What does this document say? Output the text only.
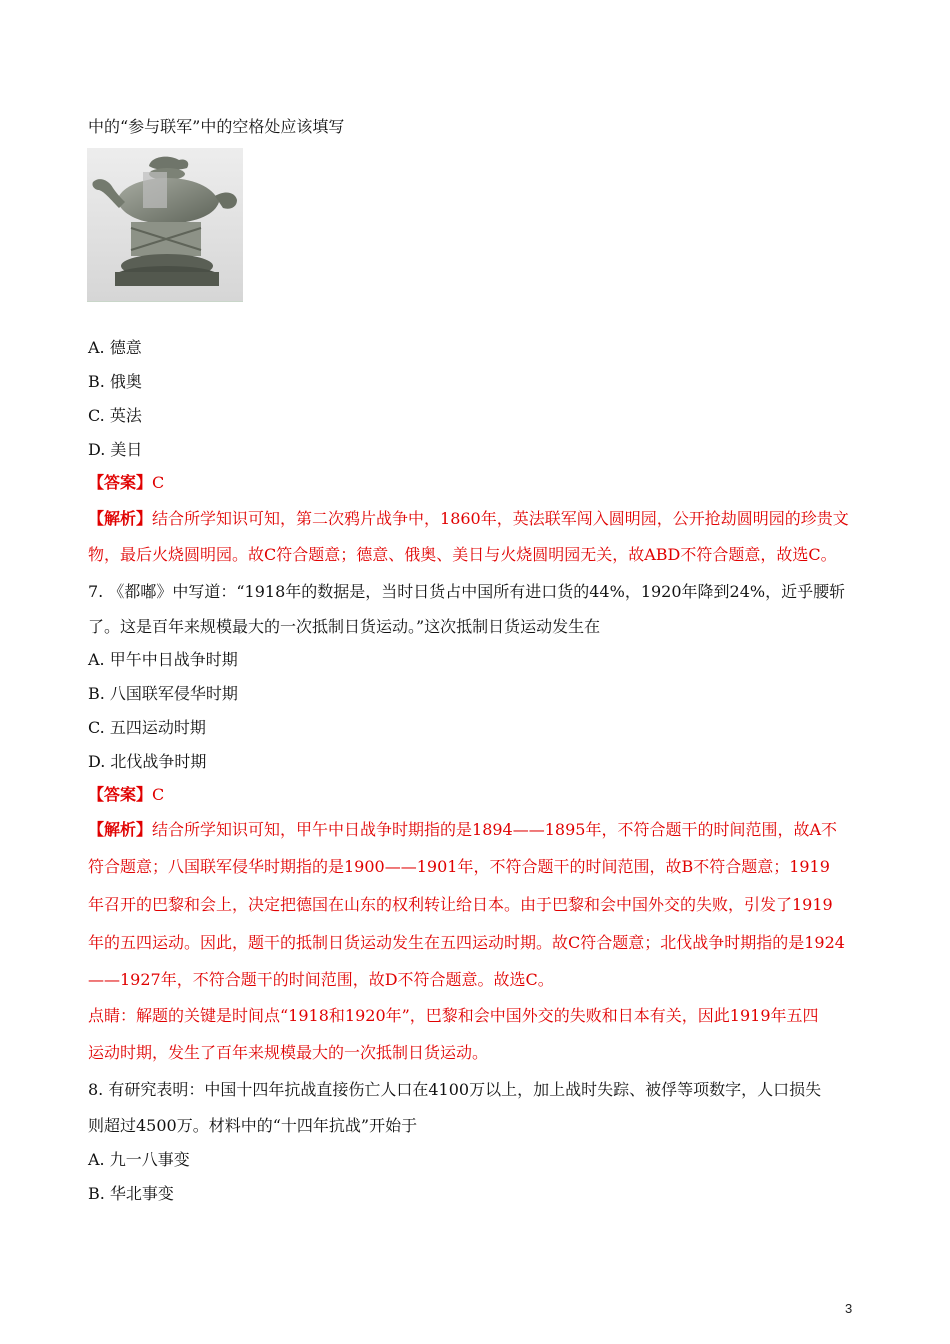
中的“参与联军”中的空格处应该填写
A. 德意
B. 俄奥
C. 英法
D. 美日
【答案】C
【解析】结合所学知识可知，第二次鸦片战争中，1860年，英法联军闯入圆明园，公开抢劫圆明园的珍贵文
物，最后火烧圆明园。故C符合题意；德意、俄奥、美日与火烧圆明园无关，故ABD不符合题意，故选C。
7. 《都嘟》中写道：“1918年的数据是，当时日货占中国所有进口货的44%，1920年降到24%，近乎腰斩
了。这是百年来规模最大的一次抵制日货运动。”这次抵制日货运动发生在
A. 甲午中日战争时期
B. 八国联军侵华时期
C. 五四运动时期
D. 北伐战争时期
【答案】C
【解析】结合所学知识可知，甲午中日战争时期指的是1894——1895年，不符合题干的时间范围，故A不
符合题意；八国联军侵华时期指的是1900——1901年，不符合题干的时间范围，故B不符合题意；1919
年召开的巴黎和会上，决定把德国在山东的权利转让给日本。由于巴黎和会中国外交的失败，引发了1919
年的五四运动。因此，题干的抵制日货运动发生在五四运动时期。故C符合题意；北伐战争时期指的是1924
——1927年，不符合题干的时间范围，故D不符合题意。故选C。
点睛：解题的关键是时间点“1918和1920年”，巴黎和会中国外交的失败和日本有关，因此1919年五四
运动时期，发生了百年来规模最大的一次抵制日货运动。
8. 有研究表明：中国十四年抗战直接伤亡人口在4100万以上，加上战时失踪、被俘等项数字，人口损失
则超过4500万。材料中的“十四年抗战”开始于
A. 九一八事变
B. 华北事变
3
